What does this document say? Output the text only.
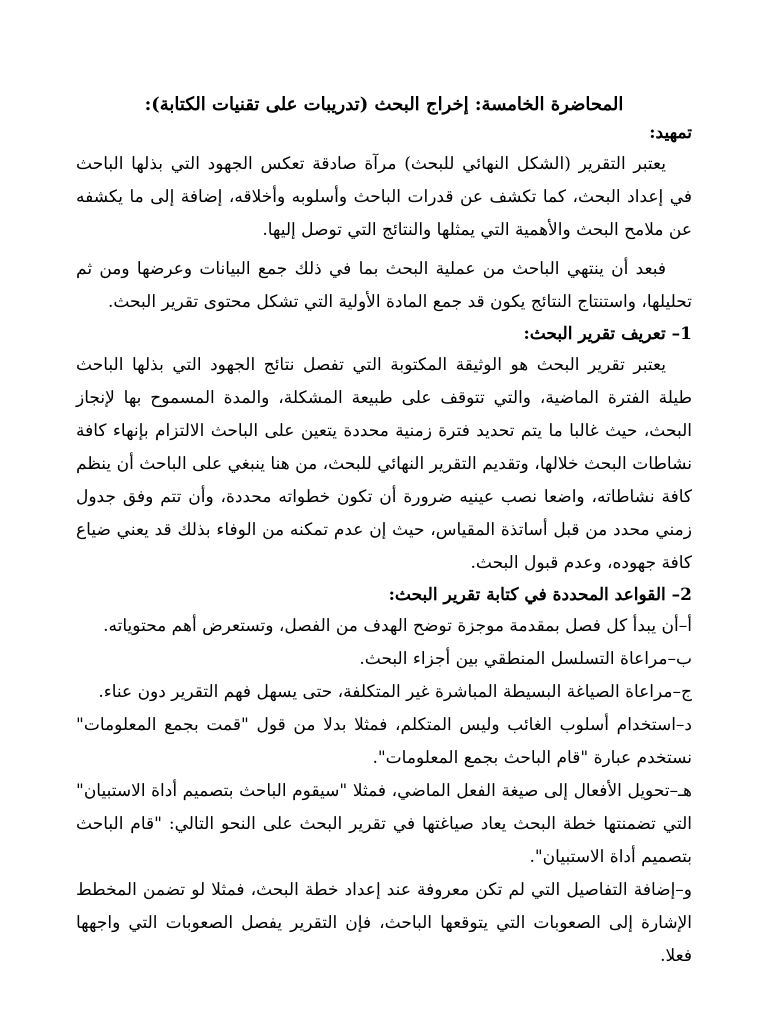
المحاضرة الخامسة: إخراج البحث (تدريبات على تقنيات الكتابة):

تمهيد:

يعتبر التقرير (الشكل النهائي للبحث) مرآة صادقة تعكس الجهود التي بذلها الباحث في إعداد البحث، كما تكشف عن قدرات الباحث وأسلوبه وأخلاقه، إضافة إلى ما يكشفه عن ملامح البحث والأهمية التي يمثلها والنتائج التي توصل إليها.

فبعد أن ينتهي الباحث من عملية البحث بما في ذلك جمع البيانات وعرضها ومن ثم تحليلها، واستنتاج النتائج يكون قد جمع المادة الأولية التي تشكل محتوى تقرير البحث.

1– تعريف تقرير البحث:

يعتبر تقرير البحث هو الوثيقة المكتوبة التي تفصل نتائج الجهود التي بذلها الباحث طيلة الفترة الماضية، والتي تتوقف على طبيعة المشكلة، والمدة المسموح بها لإنجاز البحث، حيث غالبا ما يتم تحديد فترة زمنية محددة يتعين على الباحث الالتزام بإنهاء كافة نشاطات البحث خلالها، وتقديم التقرير النهائي للبحث، من هنا ينبغي على الباحث أن ينظم كافة نشاطاته، واضعا نصب عينيه ضرورة أن تكون خطواته محددة، وأن تتم وفق جدول زمني محدد من قبل أساتذة المقياس، حيث إن عدم تمكنه من الوفاء بذلك قد يعني ضياع كافة جهوده، وعدم قبول البحث.

2– القواعد المحددة في كتابة تقرير البحث:

أ–أن يبدأ كل فصل بمقدمة موجزة توضح الهدف من الفصل، وتستعرض أهم محتوياته.

ب–مراعاة التسلسل المنطقي بين أجزاء البحث.

ج–مراعاة الصياغة البسيطة المباشرة غير المتكلفة، حتى يسهل فهم التقرير دون عناء.

د–استخدام أسلوب الغائب وليس المتكلم، فمثلا بدلا من قول "قمت بجمع المعلومات" نستخدم عبارة "قام الباحث بجمع المعلومات".

هـ–تحويل الأفعال إلى صيغة الفعل الماضي، فمثلا "سيقوم الباحث بتصميم أداة الاستبيان" التي تضمنتها خطة البحث يعاد صياغتها في تقرير البحث على النحو التالي: "قام الباحث بتصميم أداة الاستبيان".

و–إضافة التفاصيل التي لم تكن معروفة عند إعداد خطة البحث، فمثلا لو تضمن المخطط الإشارة إلى الصعوبات التي يتوقعها الباحث، فإن التقرير يفصل الصعوبات التي واجهها فعلا.
